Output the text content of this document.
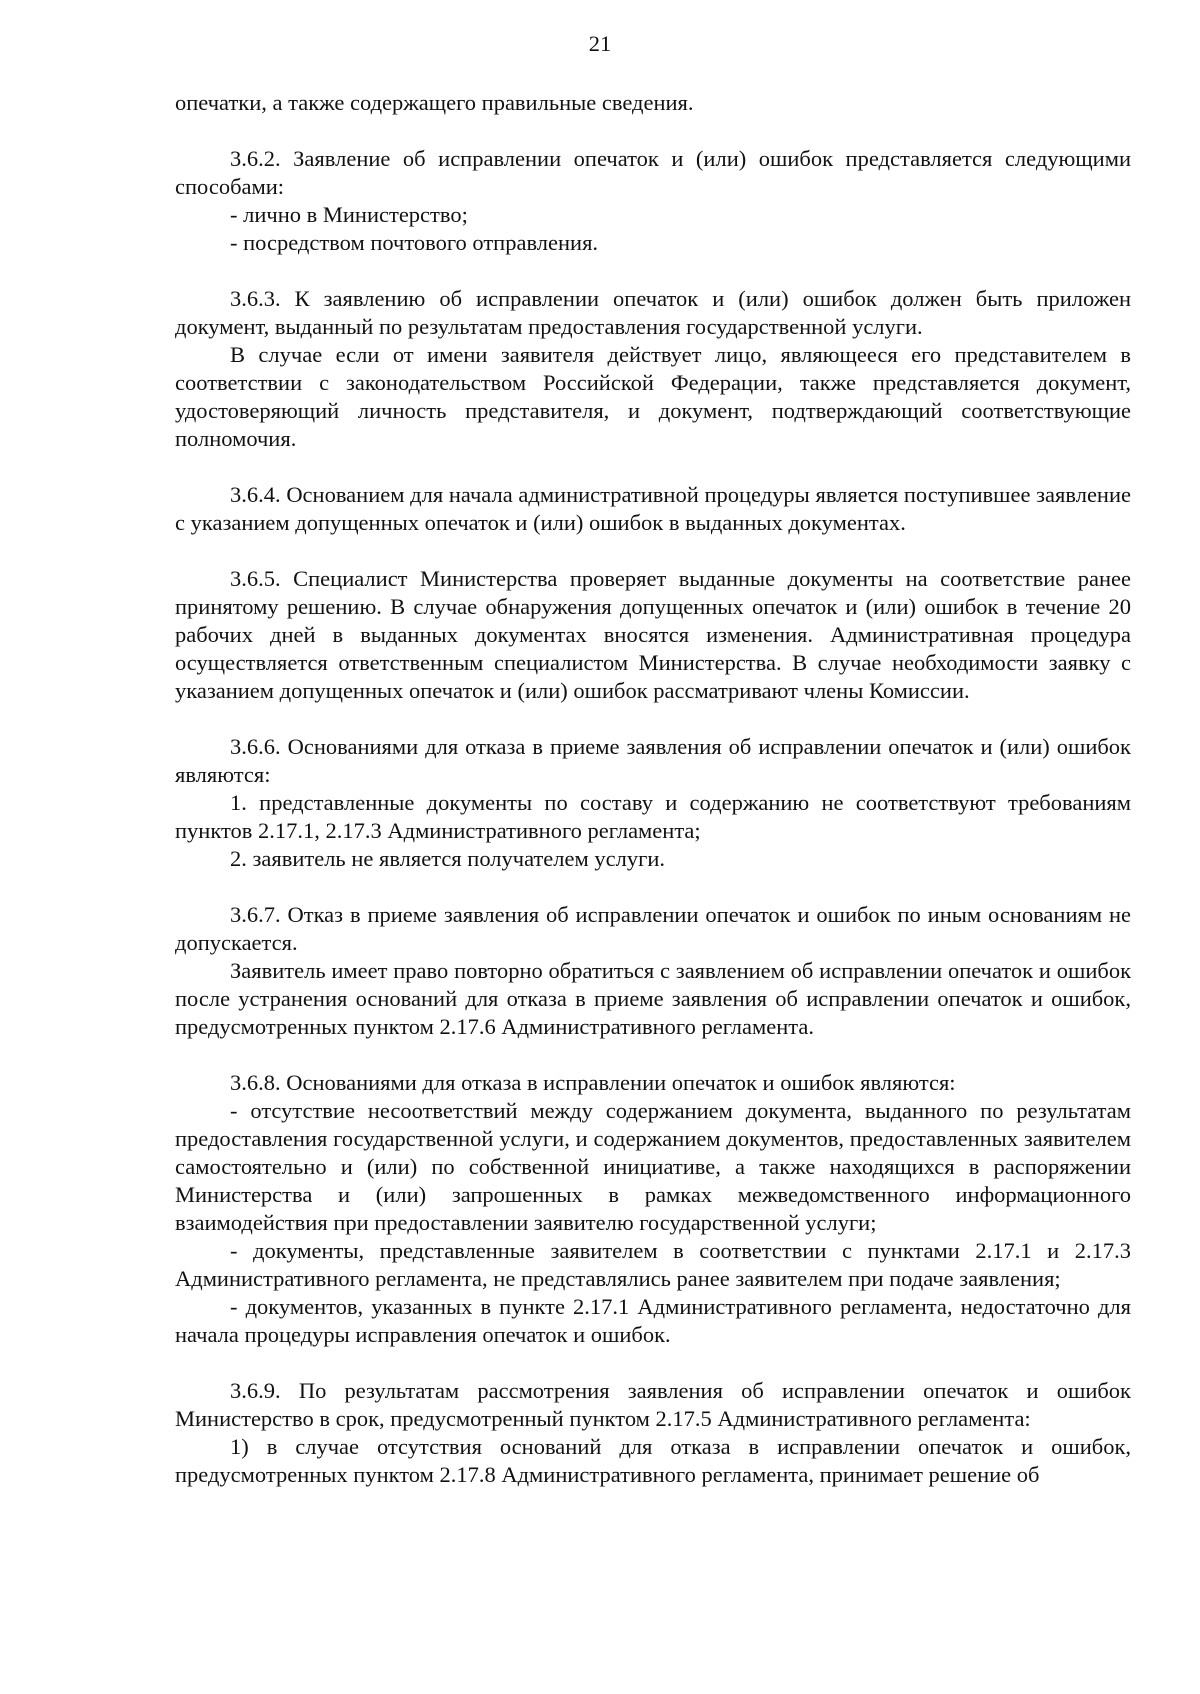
21

опечатки, а также содержащего правильные сведения.

3.6.2. Заявление об исправлении опечаток и (или) ошибок представляется следующими способами:

- лично в Министерство;

- посредством почтового отправления.

3.6.3. К заявлению об исправлении опечаток и (или) ошибок должен быть приложен документ, выданный по результатам предоставления государственной услуги.

В случае если от имени заявителя действует лицо, являющееся его представителем в соответствии с законодательством Российской Федерации, также представляется документ, удостоверяющий личность представителя, и документ, подтверждающий соответствующие полномочия.

3.6.4. Основанием для начала административной процедуры является поступившее заявление с указанием допущенных опечаток и (или) ошибок в выданных документах.

3.6.5. Специалист Министерства проверяет выданные документы на соответствие ранее принятому решению. В случае обнаружения допущенных опечаток и (или) ошибок в течение 20 рабочих дней в выданных документах вносятся изменения. Административная процедура осуществляется ответственным специалистом Министерства. В случае необходимости заявку с указанием допущенных опечаток и (или) ошибок рассматривают члены Комиссии.

3.6.6. Основаниями для отказа в приеме заявления об исправлении опечаток и (или) ошибок являются:

1. представленные документы по составу и содержанию не соответствуют требованиям пунктов 2.17.1, 2.17.3 Административного регламента;

2. заявитель не является получателем услуги.

3.6.7. Отказ в приеме заявления об исправлении опечаток и ошибок по иным основаниям не допускается.

Заявитель имеет право повторно обратиться с заявлением об исправлении опечаток и ошибок после устранения оснований для отказа в приеме заявления об исправлении опечаток и ошибок, предусмотренных пунктом 2.17.6 Административного регламента.

3.6.8. Основаниями для отказа в исправлении опечаток и ошибок являются:

- отсутствие несоответствий между содержанием документа, выданного по результатам предоставления государственной услуги, и содержанием документов, предоставленных заявителем самостоятельно и (или) по собственной инициативе, а также находящихся в распоряжении Министерства и (или) запрошенных в рамках межведомственного информационного взаимодействия при предоставлении заявителю государственной услуги;

- документы, представленные заявителем в соответствии с пунктами 2.17.1 и 2.17.3 Административного регламента, не представлялись ранее заявителем при подаче заявления;

- документов, указанных в пункте 2.17.1 Административного регламента, недостаточно для начала процедуры исправления опечаток и ошибок.

3.6.9. По результатам рассмотрения заявления об исправлении опечаток и ошибок Министерство в срок, предусмотренный пунктом 2.17.5 Административного регламента:

1) в случае отсутствия оснований для отказа в исправлении опечаток и ошибок, предусмотренных пунктом 2.17.8 Административного регламента, принимает решение об
